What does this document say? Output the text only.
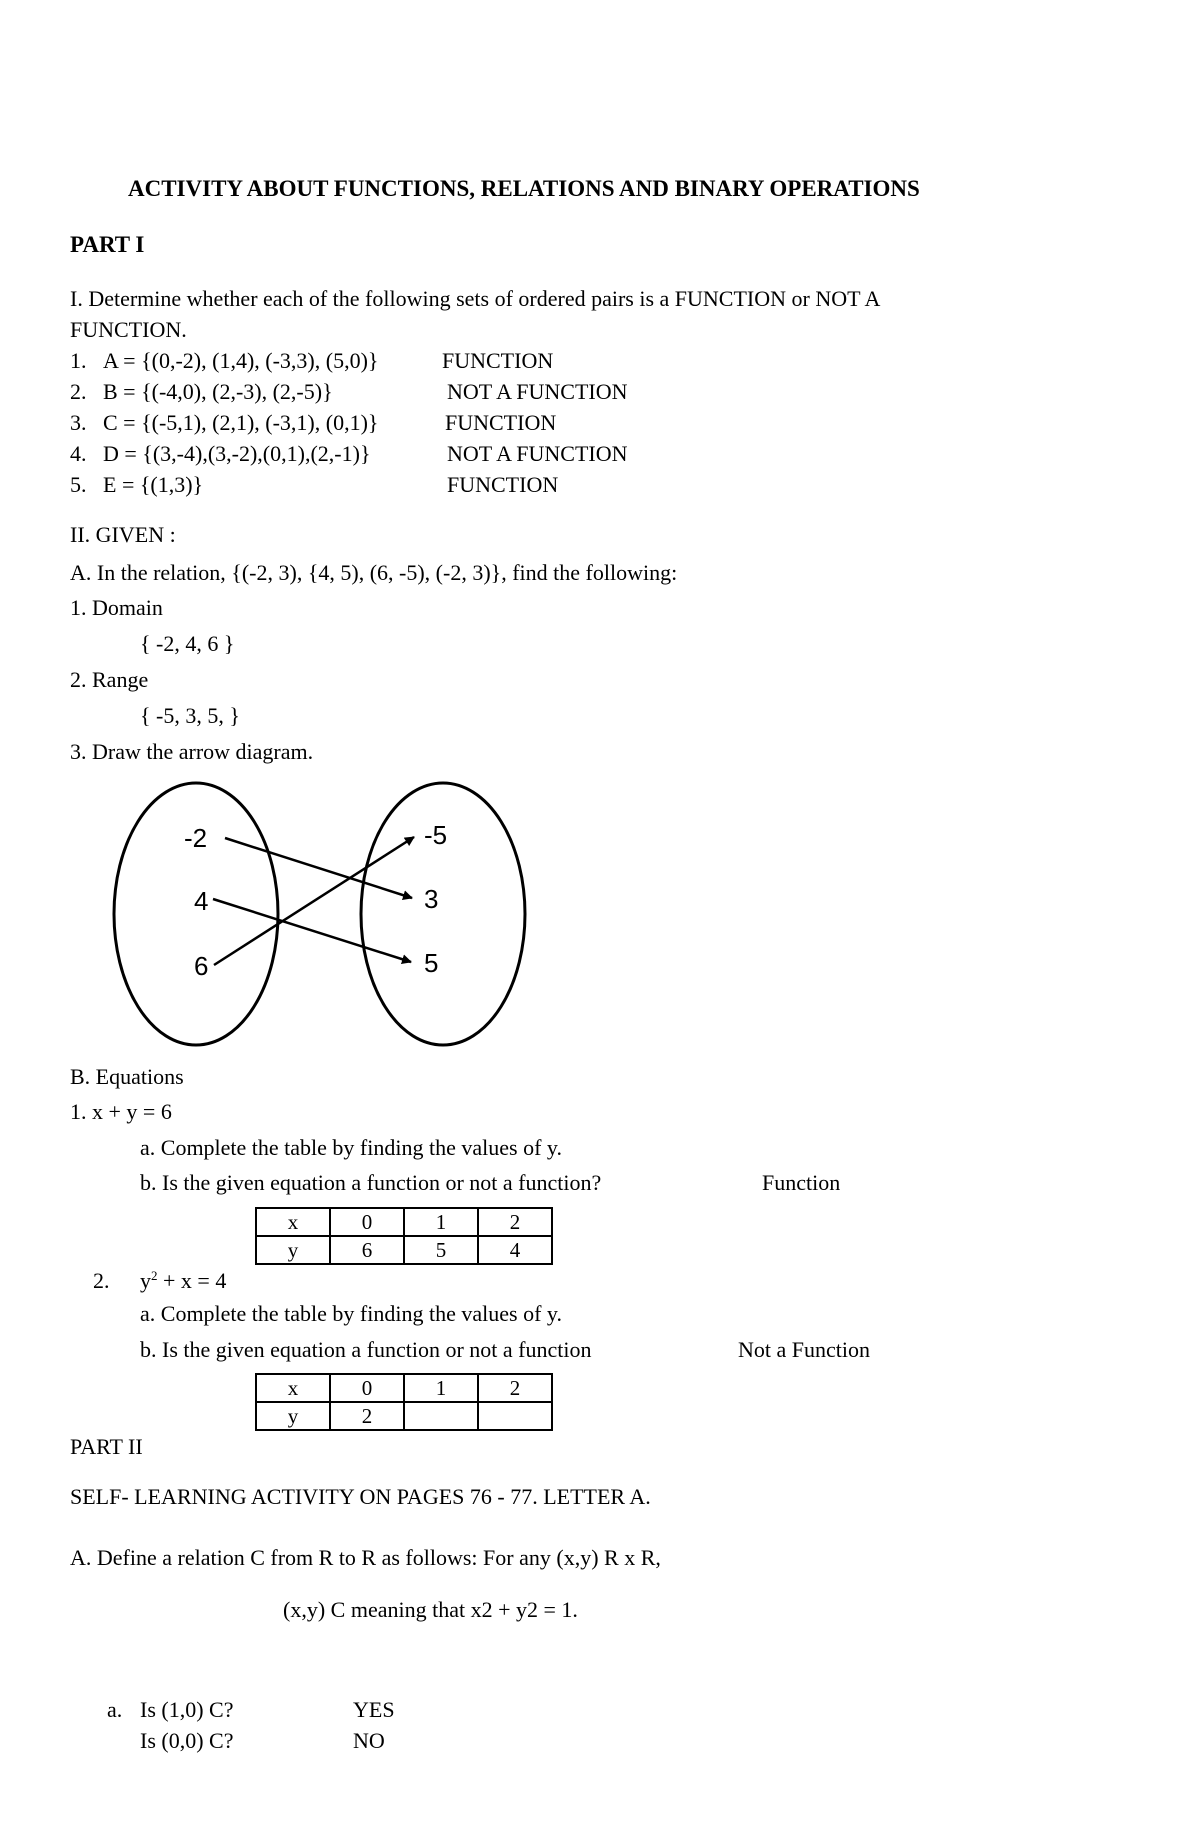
ACTIVITY ABOUT FUNCTIONS, RELATIONS AND BINARY OPERATIONS
PART I
I. Determine whether each of the following sets of ordered pairs is a FUNCTION or NOT A
FUNCTION.
1. A = {(0,-2), (1,4), (-3,3), (5,0)}	FUNCTION
2. B = {(-4,0), (2,-3), (2,-5)}	NOT A FUNCTION
3. C = {(-5,1), (2,1), (-3,1), (0,1)}	FUNCTION
4. D = {(3,-4),(3,-2),(0,1),(2,-1)}	NOT A FUNCTION
5. E = {(1,3)}	FUNCTION
II. GIVEN :
A. In the relation, {(-2, 3), {4, 5), (6, -5), (-2, 3)}, find the following:
1. Domain
{ -2, 4, 6 }
2. Range
{ -5, 3, 5, }
3. Draw the arrow diagram.
-2
4
6
-5
3
5
B. Equations
1. x + y = 6
a. Complete the table by finding the values of y.
b. Is the given equation a function or not a function?	Function
x	0	1	2
y	6	5	4
2. $y^2 + x = 4$
a. Complete the table by finding the values of y.
b. Is the given equation a function or not a function	Not a Function
x	0	1	2
y	2		
PART II
SELF- LEARNING ACTIVITY ON PAGES 76 - 77. LETTER A.
A. Define a relation C from R to R as follows: For any (x,y) R x R,
(x,y) C meaning that x2 + y2 = 1.
a. Is (1,0) C?	YES
Is (0,0) C?	NO
